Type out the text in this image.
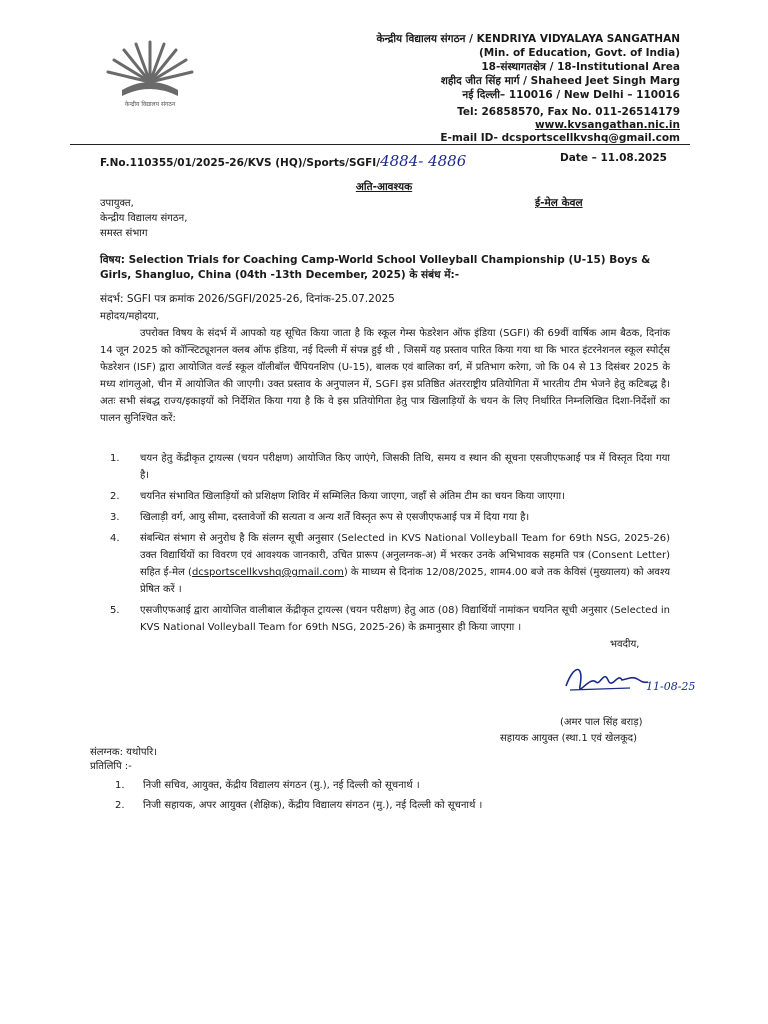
केन्द्रीय विद्यालय संगठन
केन्द्रीय विद्यालय संगठन / KENDRIYA VIDYALAYA SANGATHAN
(Min. of Education, Govt. of India)
18-संस्थागतक्षेत्र / 18-Institutional Area
शहीद जीत सिंह मार्ग / Shaheed Jeet Singh Marg
नई दिल्ली– 110016 / New Delhi – 110016
Tel: 26858570, Fax No. 011-26514179
www.kvsangathan.nic.in
E-mail ID- dcsportscellkvshq@gmail.com
F.No.110355/01/2025-26/KVS (HQ)/Sports/SGFI/4884- 4886	Date – 11.08.2025
अति-आवश्यक
ई-मेल केवल
उपायुक्त,
केन्द्रीय विद्यालय संगठन,
समस्त संभाग
विषय: Selection Trials for Coaching Camp-World School Volleyball Championship (U-15) Boys & Girls, Shangluo, China (04th -13th December, 2025) के संबंध में:-
संदर्भ: SGFI पत्र क्रमांक 2026/SGFI/2025-26, दिनांक-25.07.2025
महोदय/महोदया,
उपरोक्त विषय के संदर्भ में आपको यह सूचित किया जाता है कि स्कूल गेम्स फेडरेशन ऑफ इंडिया (SGFI) की 69वीं वार्षिक आम बैठक, दिनांक 14 जून 2025 को कॉन्स्टिट्यूशनल क्लब ऑफ इंडिया, नई दिल्ली में संपन्न हुई थी , जिसमें यह प्रस्ताव पारित किया गया था कि भारत इंटरनेशनल स्कूल स्पोर्ट्स फेडरेशन (ISF) द्वारा आयोजित वर्ल्ड स्कूल वॉलीबॉल चैंपियनशिप (U-15), बालक एवं बालिका वर्ग, में प्रतिभाग करेगा, जो कि 04 से 13 दिसंबर 2025 के मध्य शांगलुओ, चीन में आयोजित की जाएगी। उक्त प्रस्ताव के अनुपालन में, SGFI इस प्रतिष्ठित अंतरराष्ट्रीय प्रतियोगिता में भारतीय टीम भेजने हेतु कटिबद्ध है। अतः सभी संबद्ध राज्य/इकाइयों को निर्देशित किया गया है कि वे इस प्रतियोगिता हेतु पात्र खिलाड़ियों के चयन के लिए निर्धारित निम्नलिखित दिशा-निर्देशों का पालन सुनिश्चित करें:
1. चयन हेतु केंद्रीकृत ट्रायल्स (चयन परीक्षण) आयोजित किए जाएंगे, जिसकी तिथि, समय व स्थान की सूचना एसजीएफआई पत्र में विस्तृत दिया गया है।
2. चयनित संभावित खिलाड़ियों को प्रशिक्षण शिविर में सम्मिलित किया जाएगा, जहाँ से अंतिम टीम का चयन किया जाएगा।
3. खिलाड़ी वर्ग, आयु सीमा, दस्तावेजों की सत्यता व अन्य शर्तें विस्तृत रूप से एसजीएफआई पत्र में दिया गया है।
4. संबन्धित संभाग से अनुरोध है कि संलग्न सूची अनुसार (Selected in KVS National Volleyball Team for 69th NSG, 2025-26) उक्त विद्यार्थियों का विवरण एवं आवश्यक जानकारी, उचित प्रारूप (अनुलग्नक-अ) में भरकर उनके अभिभावक सहमति पत्र (Consent Letter) सहित ई-मेल (dcsportscellkvshq@gmail.com) के माध्यम से दिनांक 12/08/2025, शाम4.00 बजे तक केविसं (मुख्यालय) को अवश्य प्रेषित करें ।
5. एसजीएफआई द्वारा आयोजित वालीबाल केंद्रीकृत ट्रायल्स (चयन परीक्षण) हेतु आठ (08) विद्यार्थियों नामांकन चयनित सूची अनुसार (Selected in KVS National Volleyball Team for 69th NSG, 2025-26) के क्रमानुसार ही किया जाएगा ।
भवदीय,
11-08-25
(अमर पाल सिंह बराड़)
सहायक आयुक्त (स्था.1 एवं खेलकूद)
संलग्नक: यथोपरि।
प्रतिलिपि :-
1. निजी सचिव, आयुक्त, केंद्रीय विद्यालय संगठन (मु.), नई दिल्ली को सूचनार्थ ।
2. निजी सहायक, अपर आयुक्त (शैक्षिक), केंद्रीय विद्यालय संगठन (मु.), नई दिल्ली को सूचनार्थ ।
